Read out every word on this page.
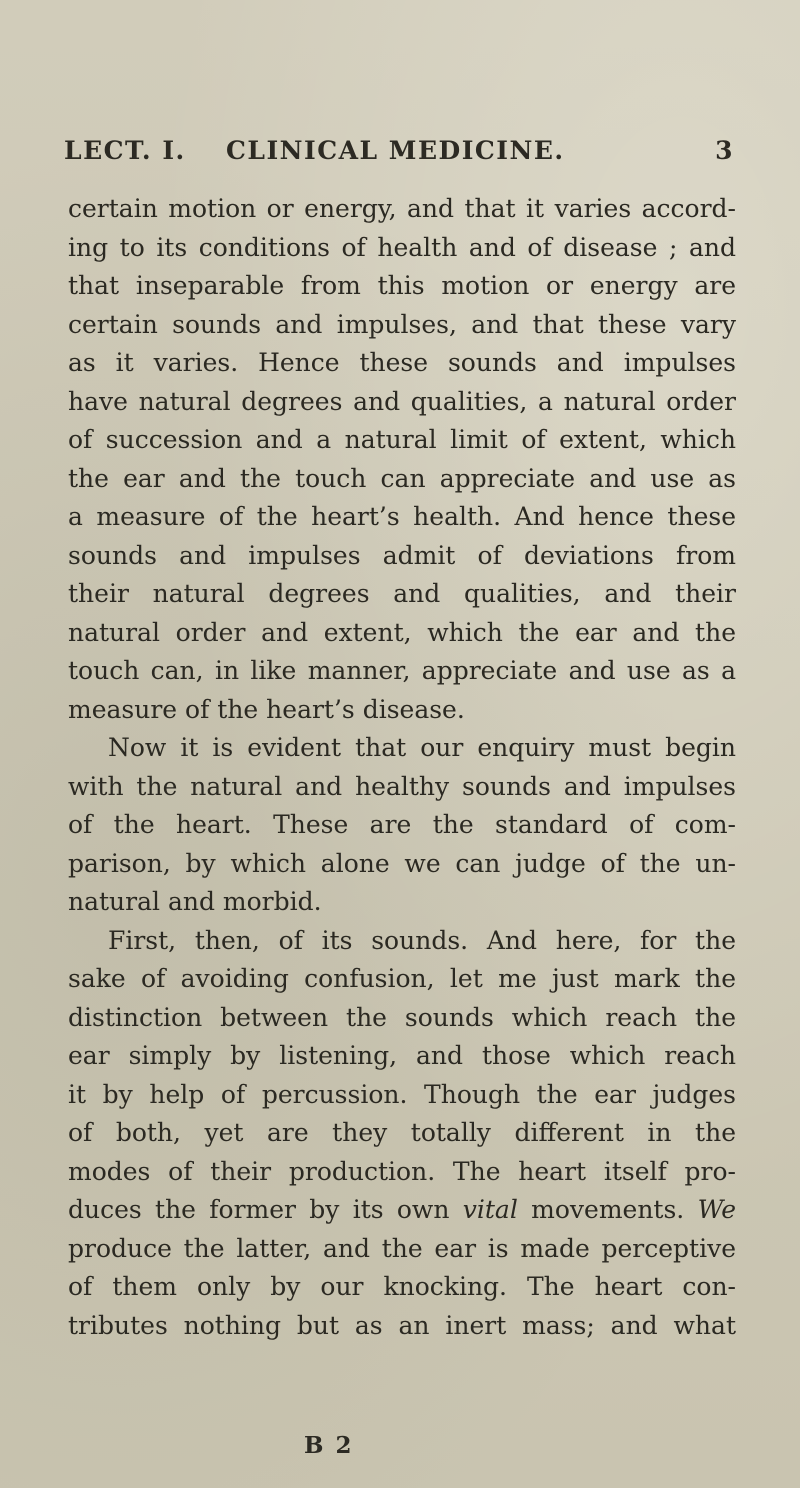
LECT. I. CLINICAL MEDICINE.	3
certain motion or energy, and that it varies accord-
ing to its conditions of health and of disease ; and
that inseparable from this motion or energy are
certain sounds and impulses, and that these vary
as it varies. Hence these sounds and impulses
have natural degrees and qualities, a natural order
of succession and a natural limit of extent, which
the ear and the touch can appreciate and use as
a measure of the heart’s health. And hence these
sounds and impulses admit of deviations from
their natural degrees and qualities, and their
natural order and extent, which the ear and the
touch can, in like manner, appreciate and use as a
measure of the heart’s disease.
Now it is evident that our enquiry must begin
with the natural and healthy sounds and impulses
of the heart. These are the standard of com-
parison, by which alone we can judge of the un-
natural and morbid.
First, then, of its sounds. And here, for the
sake of avoiding confusion, let me just mark the
distinction between the sounds which reach the
ear simply by listening, and those which reach
it by help of percussion. Though the ear judges
of both, yet are they totally different in the
modes of their production. The heart itself pro-
duces the former by its own vital movements. We
produce the latter, and the ear is made perceptive
of them only by our knocking. The heart con-
tributes nothing but as an inert mass; and what
B 2
